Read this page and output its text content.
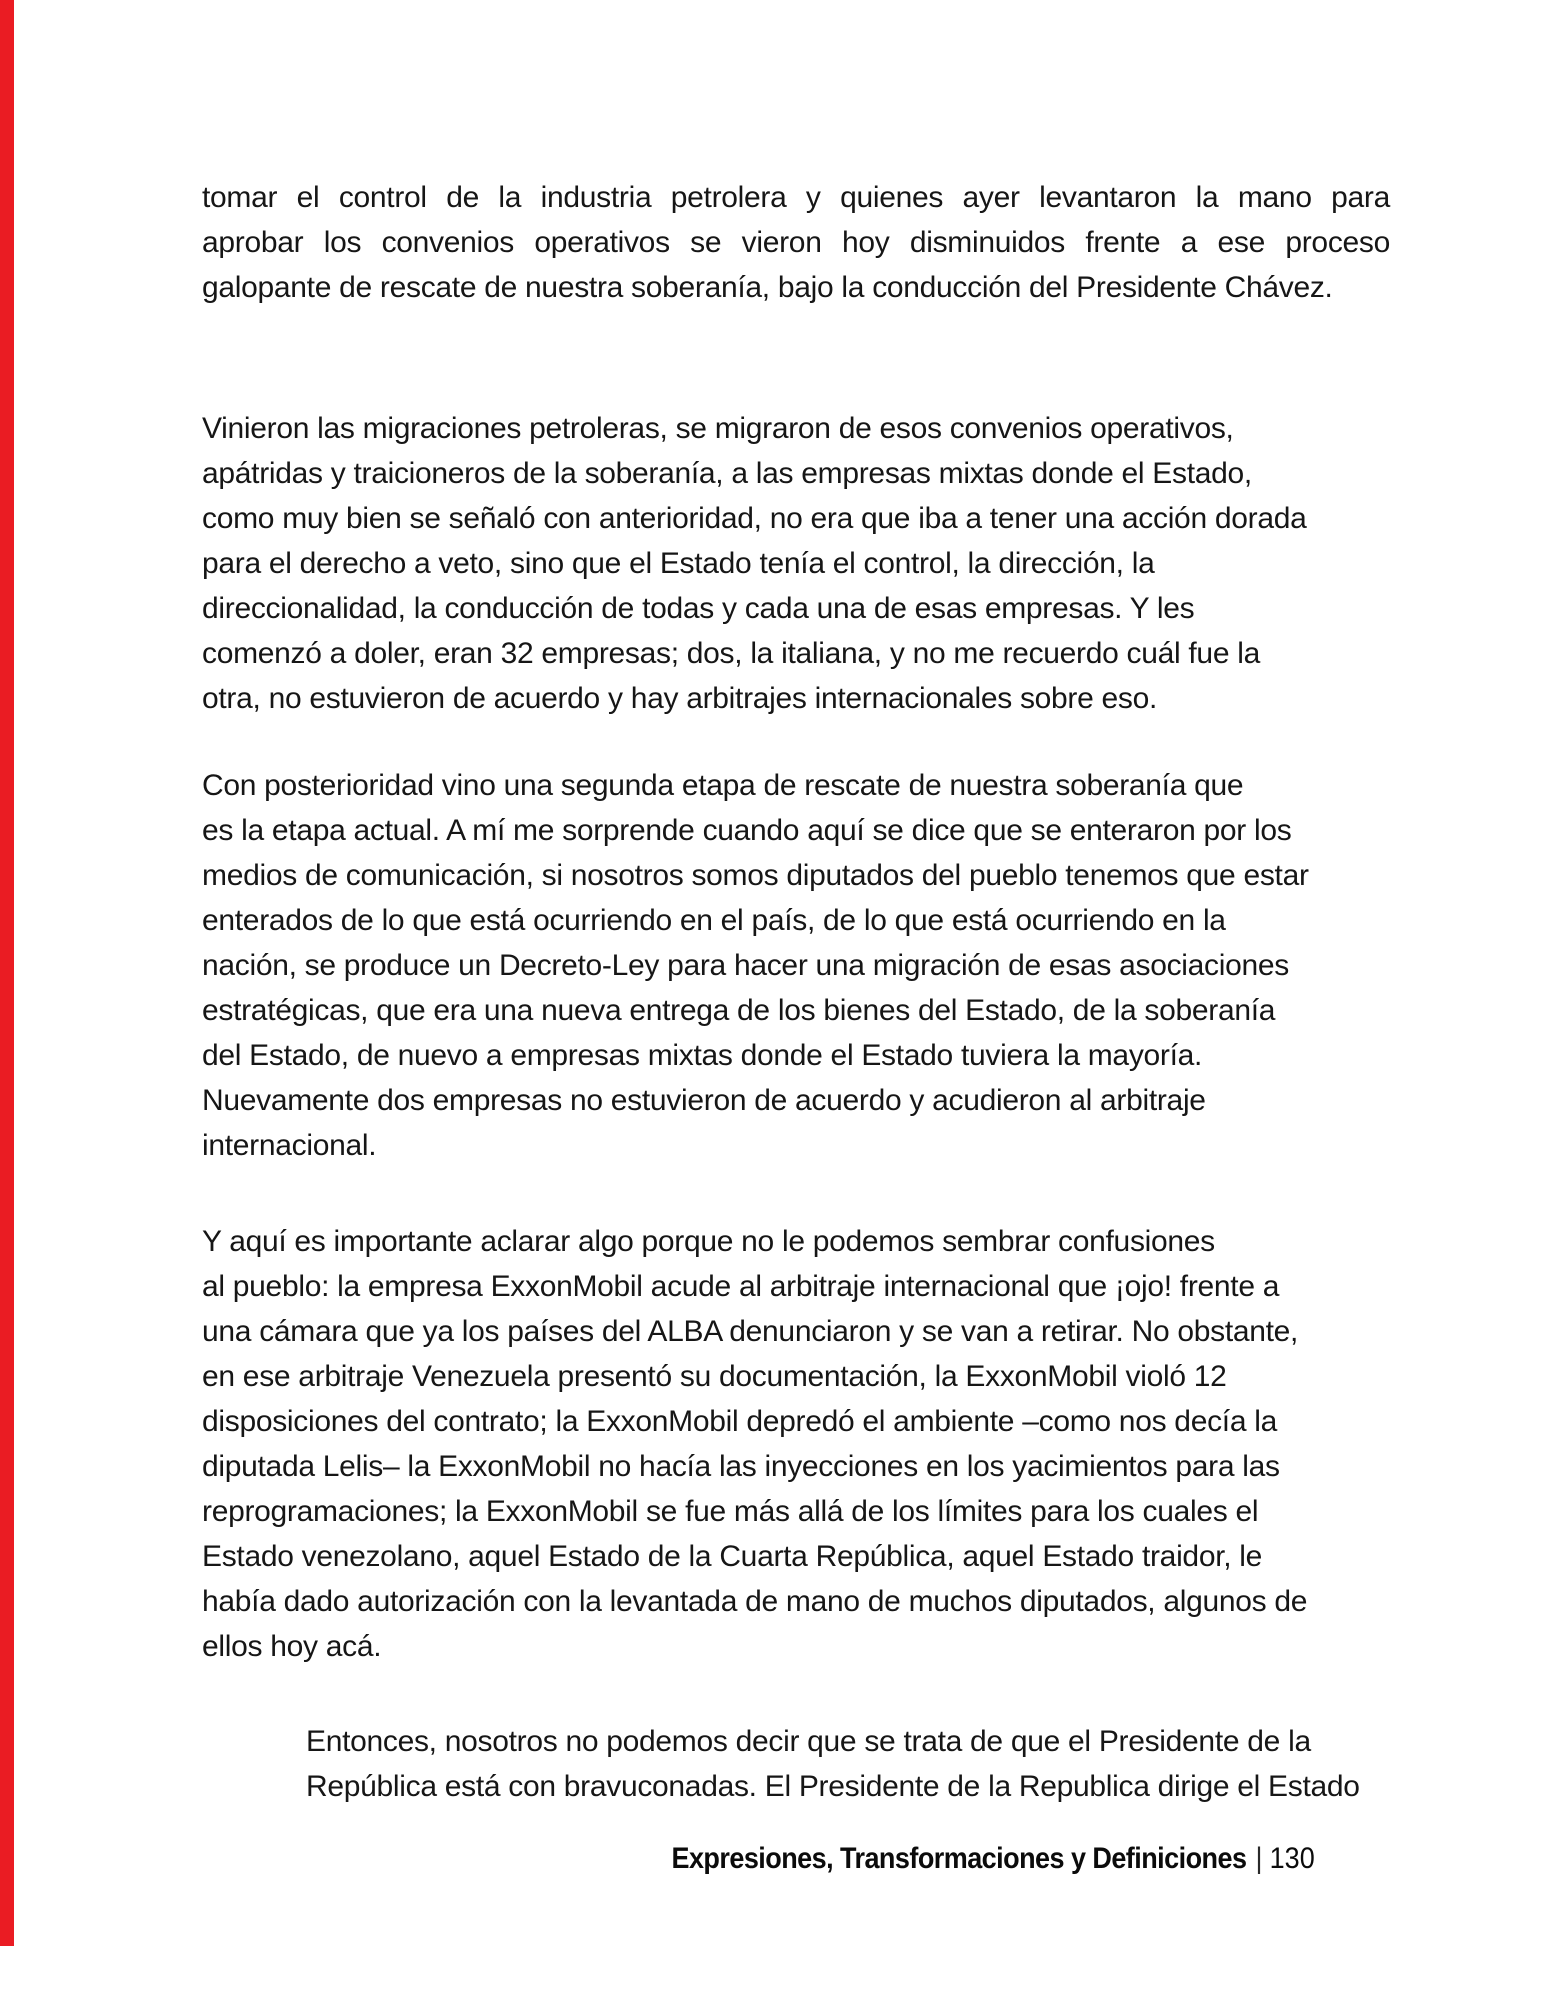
tomar el control de la industria petrolera y quienes ayer levantaron la mano para
aprobar los convenios operativos se vieron hoy disminuidos frente a ese proceso
galopante de rescate de nuestra soberanía, bajo la conducción del Presidente Chávez.

Vinieron las migraciones petroleras, se migraron de esos convenios operativos,
apátridas y traicioneros de la soberanía, a las empresas mixtas donde el Estado,
como muy bien se señaló con anterioridad, no era que iba a tener una acción dorada
para el derecho a veto, sino que el Estado tenía el control, la dirección, la
direccionalidad, la conducción de todas y cada una de esas empresas. Y les
comenzó a doler, eran 32 empresas; dos, la italiana, y no me recuerdo cuál fue la
otra, no estuvieron de acuerdo y hay arbitrajes internacionales sobre eso.

Con posterioridad vino una segunda etapa de rescate de nuestra soberanía que
es la etapa actual. A mí me sorprende cuando aquí se dice que se enteraron por los
medios de comunicación, si nosotros somos diputados del pueblo tenemos que estar
enterados de lo que está ocurriendo en el país, de lo que está ocurriendo en la
nación, se produce un Decreto-Ley para hacer una migración de esas asociaciones
estratégicas, que era una nueva entrega de los bienes del Estado, de la soberanía
del Estado, de nuevo a empresas mixtas donde el Estado tuviera la mayoría.
Nuevamente dos empresas no estuvieron de acuerdo y acudieron al arbitraje
internacional.

Y aquí es importante aclarar algo porque no le podemos sembrar confusiones
al pueblo: la empresa ExxonMobil acude al arbitraje internacional que ¡ojo! frente a
una cámara que ya los países del ALBA denunciaron y se van a retirar. No obstante,
en ese arbitraje Venezuela presentó su documentación, la ExxonMobil violó 12
disposiciones del contrato; la ExxonMobil depredó el ambiente –como nos decía la
diputada Lelis– la ExxonMobil no hacía las inyecciones en los yacimientos para las
reprogramaciones; la ExxonMobil se fue más allá de los límites para los cuales el
Estado venezolano, aquel Estado de la Cuarta República, aquel Estado traidor, le
había dado autorización con la levantada de mano de muchos diputados, algunos de
ellos hoy acá.

Entonces, nosotros no podemos decir que se trata de que el Presidente de la
República está con bravuconadas. El Presidente de la Republica dirige el Estado

Expresiones, Transformaciones y Definiciones | 130
